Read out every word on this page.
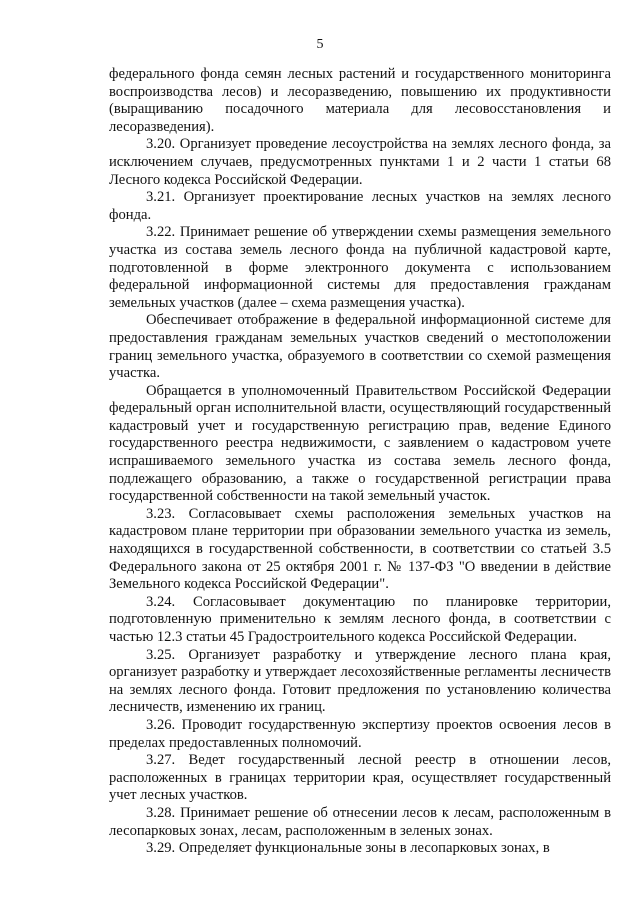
5

федерального фонда семян лесных растений и государственного мониторинга воспроизводства лесов) и лесоразведению, повышению их продуктивности (выращиванию посадочного материала для лесовосстановления и лесоразведения).

3.20. Организует проведение лесоустройства на землях лесного фонда, за исключением случаев, предусмотренных пунктами 1 и 2 части 1 статьи 68 Лесного кодекса Российской Федерации.

3.21. Организует проектирование лесных участков на землях лесного фонда.

3.22. Принимает решение об утверждении схемы размещения земельного участка из состава земель лесного фонда на публичной кадастровой карте, подготовленной в форме электронного документа с использованием федеральной информационной системы для предоставления гражданам земельных участков (далее – схема размещения участка).

Обеспечивает отображение в федеральной информационной системе для предоставления гражданам земельных участков сведений о местоположении границ земельного участка, образуемого в соответствии со схемой размещения участка.

Обращается в уполномоченный Правительством Российской Федерации федеральный орган исполнительной власти, осуществляющий государственный кадастровый учет и государственную регистрацию прав, ведение Единого государственного реестра недвижимости, с заявлением о кадастровом учете испрашиваемого земельного участка из состава земель лесного фонда, подлежащего образованию, а также о государственной регистрации права государственной собственности на такой земельный участок.

3.23. Согласовывает схемы расположения земельных участков на кадастровом плане территории при образовании земельного участка из земель, находящихся в государственной собственности, в соответствии со статьей 3.5 Федерального закона от 25 октября 2001 г. № 137-ФЗ "О введении в действие Земельного кодекса Российской Федерации".

3.24. Согласовывает документацию по планировке территории, подготовленную применительно к землям лесного фонда, в соответствии с частью 12.3 статьи 45 Градостроительного кодекса Российской Федерации.

3.25. Организует разработку и утверждение лесного плана края, организует разработку и утверждает лесохозяйственные регламенты лесничеств на землях лесного фонда. Готовит предложения по установлению количества лесничеств, изменению их границ.

3.26. Проводит государственную экспертизу проектов освоения лесов в пределах предоставленных полномочий.

3.27. Ведет государственный лесной реестр в отношении лесов, расположенных в границах территории края, осуществляет государственный учет лесных участков.

3.28. Принимает решение об отнесении лесов к лесам, расположенным в лесопарковых зонах, лесам, расположенным в зеленых зонах.

3.29. Определяет функциональные зоны в лесопарковых зонах, в
